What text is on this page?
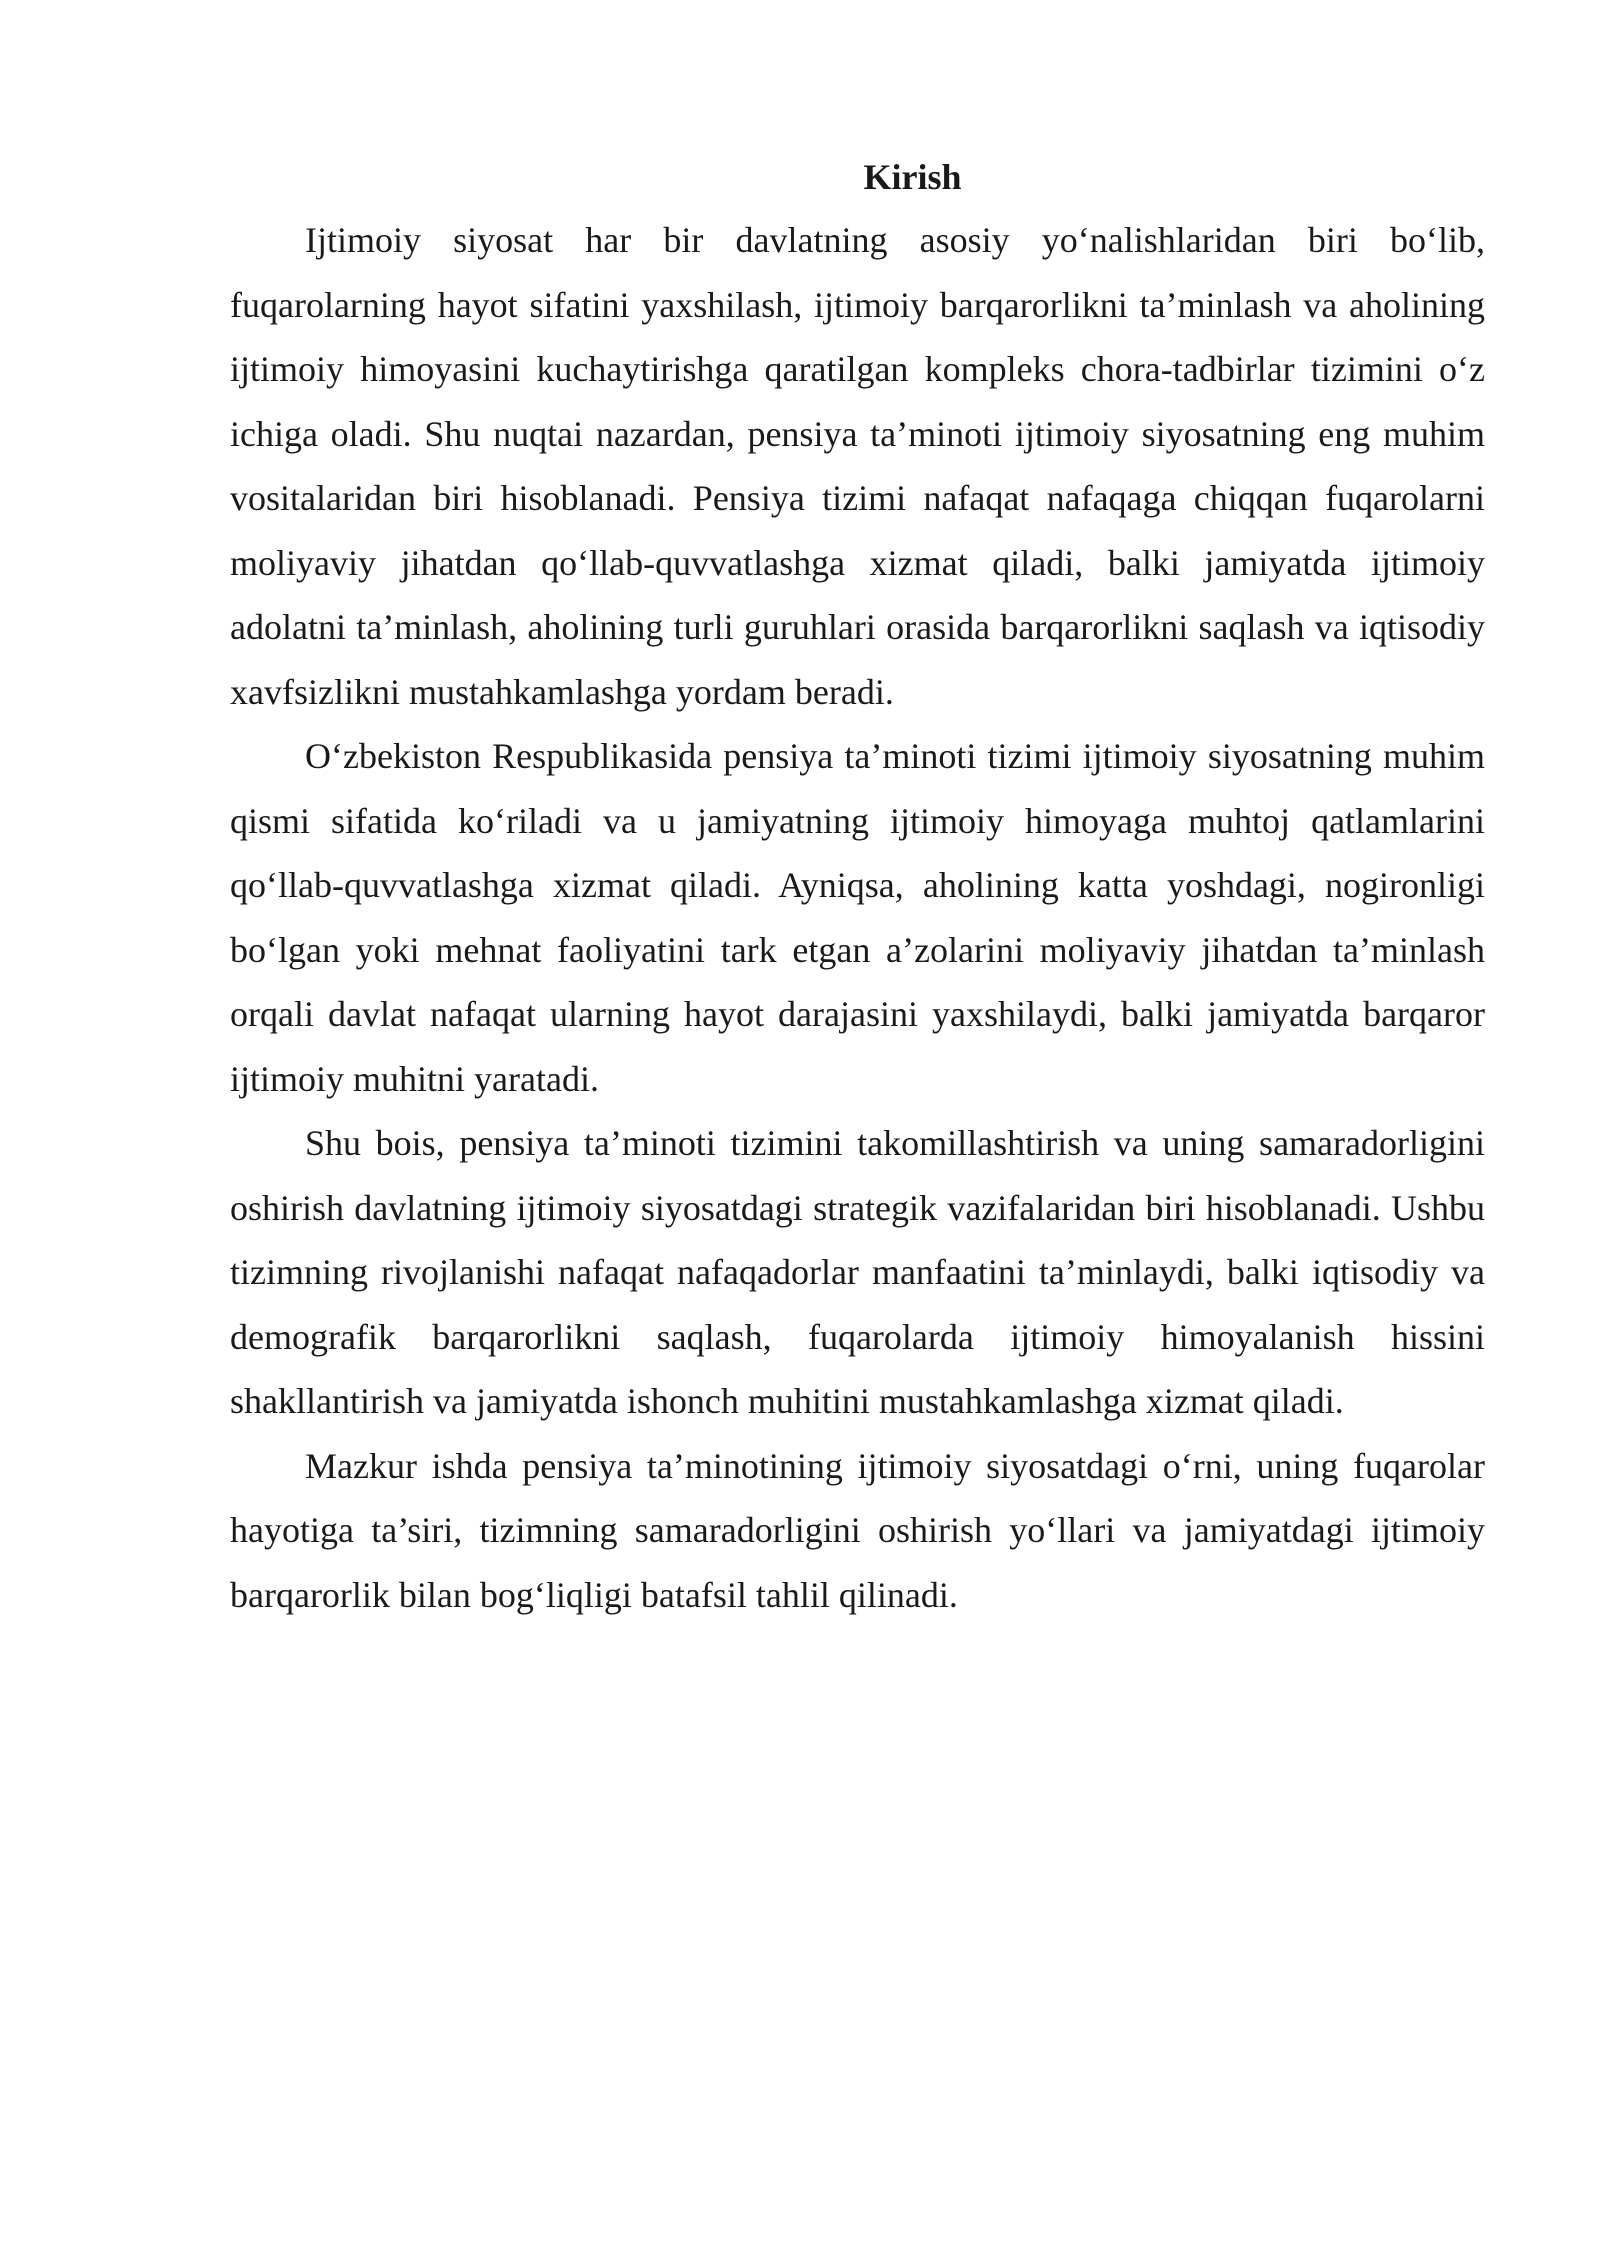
Kirish

Ijtimoiy siyosat har bir davlatning asosiy yo‘nalishlaridan biri bo‘lib, fuqarolarning hayot sifatini yaxshilash, ijtimoiy barqarorlikni ta’minlash va aholining ijtimoiy himoyasini kuchaytirishga qaratilgan kompleks chora-tadbirlar tizimini o‘z ichiga oladi. Shu nuqtai nazardan, pensiya ta’minoti ijtimoiy siyosatning eng muhim vositalaridan biri hisoblanadi. Pensiya tizimi nafaqat nafaqaga chiqqan fuqarolarni moliyaviy jihatdan qo‘llab-quvvatlashga xizmat qiladi, balki jamiyatda ijtimoiy adolatni ta’minlash, aholining turli guruhlari orasida barqarorlikni saqlash va iqtisodiy xavfsizlikni mustahkamlashga yordam beradi.

O‘zbekiston Respublikasida pensiya ta’minoti tizimi ijtimoiy siyosatning muhim qismi sifatida ko‘riladi va u jamiyatning ijtimoiy himoyaga muhtoj qatlamlarini qo‘llab-quvvatlashga xizmat qiladi. Ayniqsa, aholining katta yoshdagi, nogironligi bo‘lgan yoki mehnat faoliyatini tark etgan a’zolarini moliyaviy jihatdan ta’minlash orqali davlat nafaqat ularning hayot darajasini yaxshilaydi, balki jamiyatda barqaror ijtimoiy muhitni yaratadi.

Shu bois, pensiya ta’minoti tizimini takomillashtirish va uning samaradorligini oshirish davlatning ijtimoiy siyosatdagi strategik vazifalaridan biri hisoblanadi. Ushbu tizimning rivojlanishi nafaqat nafaqadorlar manfaatini ta’minlaydi, balki iqtisodiy va demografik barqarorlikni saqlash, fuqarolarda ijtimoiy himoyalanish hissini shakllantirish va jamiyatda ishonch muhitini mustahkamlashga xizmat qiladi.

Mazkur ishda pensiya ta’minotining ijtimoiy siyosatdagi o‘rni, uning fuqarolar hayotiga ta’siri, tizimning samaradorligini oshirish yo‘llari va jamiyatdagi ijtimoiy barqarorlik bilan bog‘liqligi batafsil tahlil qilinadi.
